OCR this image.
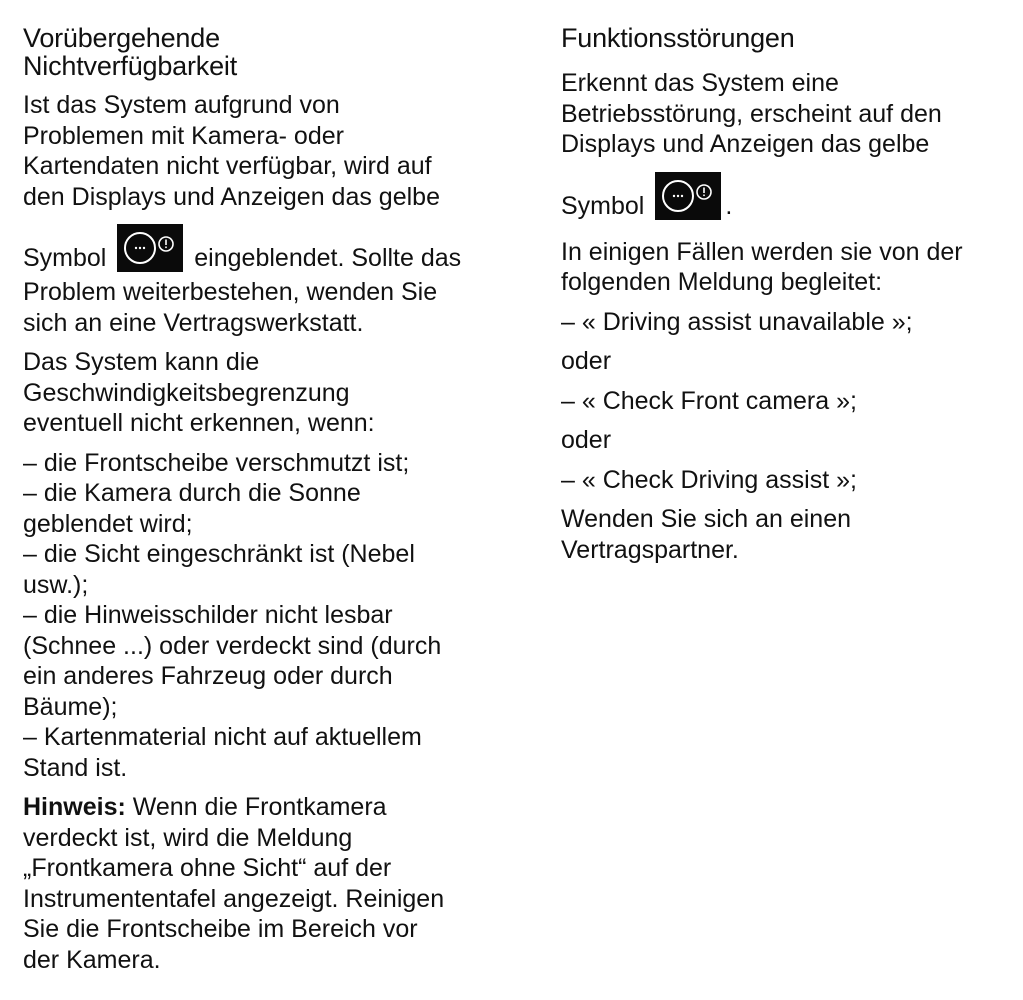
Vorübergehende
Nichtverfügbarkeit

Ist das System aufgrund von
Problemen mit Kamera- oder
Kartendaten nicht verfügbar, wird auf
den Displays und Anzeigen das gelbe

Symbol	eingeblendet. Sollte das

Problem weiterbestehen, wenden Sie
sich an eine Vertragswerkstatt.

Das System kann die
Geschwindigkeitsbegrenzung
eventuell nicht erkennen, wenn:

– die Frontscheibe verschmutzt ist;
– die Kamera durch die Sonne
geblendet wird;
– die Sicht eingeschränkt ist (Nebel
usw.);
– die Hinweisschilder nicht lesbar
(Schnee ...) oder verdeckt sind (durch
ein anderes Fahrzeug oder durch
Bäume);
– Kartenmaterial nicht auf aktuellem
Stand ist.

Hinweis: Wenn die Frontkamera
verdeckt ist, wird die Meldung
„Frontkamera ohne Sicht“ auf der
Instrumententafel angezeigt. Reinigen
Sie die Frontscheibe im Bereich vor
der Kamera.

Funktionsstörungen

Erkennt das System eine
Betriebsstörung, erscheint auf den
Displays und Anzeigen das gelbe

Symbol	.

In einigen Fällen werden sie von der
folgenden Meldung begleitet:

– « Driving assist unavailable »;

oder

– « Check Front camera »;

oder

– « Check Driving assist »;

Wenden Sie sich an einen
Vertragspartner.
